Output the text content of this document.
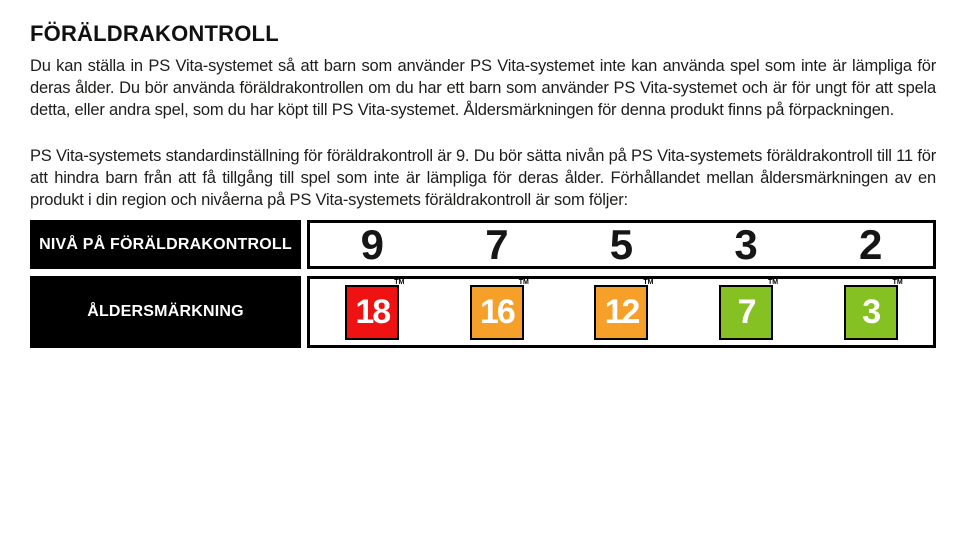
FÖRÄLDRAKONTROLL

Du kan ställa in PS Vita-systemet så att barn som använder PS Vita-systemet inte kan använda spel som inte är lämpliga för deras ålder. Du bör använda föräldrakontrollen om du har ett barn som använder PS Vita-systemet och är för ungt för att spela detta, eller andra spel, som du har köpt till PS Vita-systemet. Åldersmärkningen för denna produkt finns på förpackningen.

PS Vita-systemets standardinställning för föräldrakontroll är 9. Du bör sätta nivån på PS Vita-systemets föräldrakontroll till 11 för att hindra barn från att få tillgång till spel som inte är lämpliga för deras ålder. Förhållandet mellan åldersmärkningen av en produkt i din region och nivåerna på PS Vita-systemets föräldrakontroll är som följer:

NIVÅ PÅ FÖRÄLDRAKONTROLL 9 7 5 3 2
ÅLDERSMÄRKNING	18
TM
16
TM
12
TM
7
TM
3
TM
